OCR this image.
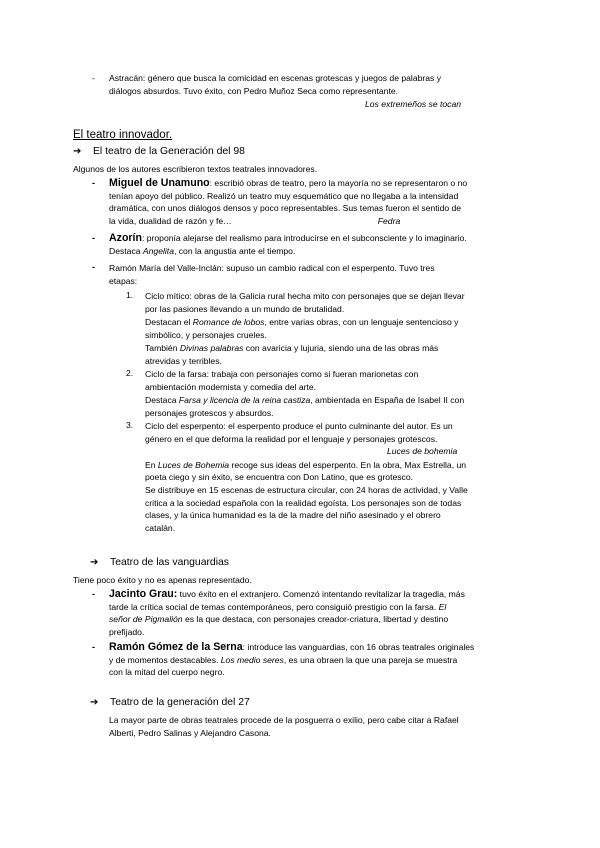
- Astracán: género que busca la comicidad en escenas grotescas y juegos de palabras y
diálogos absurdos. Tuvo éxito, con Pedro Muñoz Seca como representante.
Los extremeños se tocan
El teatro innovador.
➔ El teatro de la Generación del 98
Algunos de los autores escribieron textos teatrales innovadores.
- Miguel de Unamuno: escribió obras de teatro, pero la mayoría no se representaron o no
tenían apoyo del público. Realizó un teatro muy esquemático que no llegaba a la intensidad
dramática, con unos diálogos densos y poco representables. Sus temas fueron el sentido de
la vida, dualidad de razón y fe…	Fedra
- Azorín: proponía alejarse del realismo para introducirse en el subconsciente y lo imaginario.
Destaca Angelita, con la angustia ante el tiempo.
- Ramón María del Valle-Inclán: supuso un cambio radical con el esperpento. Tuvo tres
etapas:
1. Ciclo mítico: obras de la Galicia rural hecha mito con personajes que se dejan llevar
por las pasiones llevando a un mundo de brutalidad.
Destacan el Romance de lobos, entre varias obras, con un lenguaje sentencioso y
simbólico, y personajes crueles.
También Divinas palabras con avaricia y lujuria, siendo una de las obras más
atrevidas y terribles.
2. Ciclo de la farsa: trabaja con personajes como si fueran marionetas con
ambientación modernista y comedia del arte.
Destaca Farsa y licencia de la reina castiza, ambientada en España de Isabel II con
personajes grotescos y absurdos.
3. Ciclo del esperpento: el esperpento produce el punto culminante del autor. Es un
género en el que deforma la realidad por el lenguaje y personajes grotescos.
Luces de bohemia
En Luces de Bohemia recoge sus ideas del esperpento. En la obra, Max Estrella, un
poeta ciego y sin éxito, se encuentra con Don Latino, que es grotesco.
Se distribuye en 15 escenas de estructura circular, con 24 horas de actividad, y Valle
critica a la sociedad española con la realidad egoísta. Los personajes son de todas
clases, y la única humanidad es la de la madre del niño asesinado y el obrero
catalán.
➔ Teatro de las vanguardias
Tiene poco éxito y no es apenas representado.
- Jacinto Grau: tuvo éxito en el extranjero. Comenzó intentando revitalizar la tragedia, más
tarde la crítica social de temas contemporáneos, pero consiguió prestigio con la farsa. El
señor de Pigmalión es la que destaca, con personajes creador-criatura, libertad y destino
prefijado.
- Ramón Gómez de la Serna: introduce las vanguardias, con 16 obras teatrales originales
y de momentos destacables. Los medio seres, es una obraen la que una pareja se muestra
con la mitad del cuerpo negro.
➔ Teatro de la generación del 27
La mayor parte de obras teatrales procede de la posguerra o exilio, pero cabe citar a Rafael
Alberti, Pedro Salinas y Alejandro Casona.
